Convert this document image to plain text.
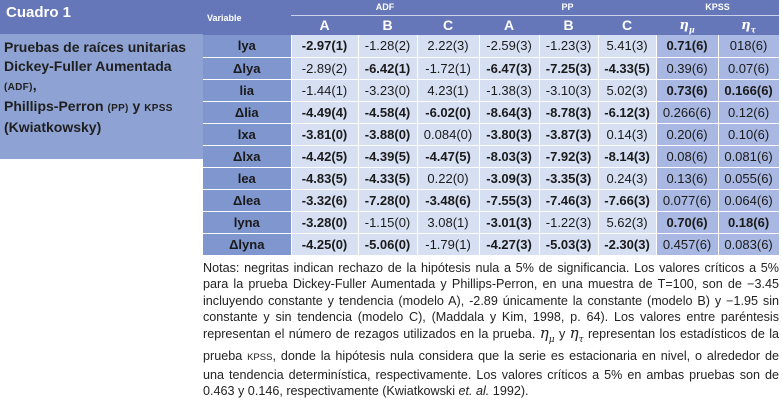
Cuadro 1
Pruebas de raíces unitarias
Dickey-Fuller Aumentada
(ADF),
Phillips-Perron (PP) y KPSS
(Kwiatkowsky)
Variable	ADF			PP			KPSS	
	A	B	C	A	B	C	$\eta_\mu$	$\eta_\tau$
lya	-2.97(1)	-1.28(2)	2.22(3)	-2.59(3)	-1.23(3)	5.41(3)	0.71(6)	018(6)
Δlya	-2.89(2)	-6.42(1)	-1.72(1)	-6.47(3)	-7.25(3)	-4.33(5)	0.39(6)	0.07(6)
lia	-1.44(1)	-3.23(0)	4.23(1)	-1.38(3)	-3.10(3)	5.02(3)	0.73(6)	0.166(6)
Δlia	-4.49(4)	-4.58(4)	-6.02(0)	-8.64(3)	-8.78(3)	-6.12(3)	0.266(6)	0.12(6)
lxa	-3.81(0)	-3.88(0)	0.084(0)	-3.80(3)	-3.87(3)	0.14(3)	0.20(6)	0.10(6)
Δlxa	-4.42(5)	-4.39(5)	-4.47(5)	-8.03(3)	-7.92(3)	-8.14(3)	0.08(6)	0.081(6)
lea	-4.83(5)	-4.33(5)	0.22(0)	-3.09(3)	-3.35(3)	0.24(3)	0.13(6)	0.055(6)
Δlea	-3.32(6)	-7.28(0)	-3.48(6)	-7.55(3)	-7.46(3)	-7.66(3)	0.077(6)	0.064(6)
lyna	-3.28(0)	-1.15(0)	3.08(1)	-3.01(3)	-1.22(3)	5.62(3)	0.70(6)	0.18(6)
Δlyna	-4.25(0)	-5.06(0)	-1.79(1)	-4.27(3)	-5.03(3)	-2.30(3)	0.457(6)	0.083(6)
Notas: negritas indican rechazo de la hipótesis nula a 5% de significancia. Los valores críticos a 5% para la prueba Dickey-Fuller Aumentada y Phillips-Perron, en una muestra de T=100, son de −3.45 incluyendo constante y tendencia (modelo A), -2.89 únicamente la constante (modelo B) y −1.95 sin constante y sin tendencia (modelo C), (Maddala y Kim, 1998, p. 64). Los valores entre paréntesis representan el número de rezagos utilizados en la prueba. $\eta_\mu$ y $\eta_\tau$ representan los estadísticos de la prueba KPSS, donde la hipótesis nula considera que la serie es estacionaria en nivel, o alrededor de una tendencia determinística, respectivamente. Los valores críticos a 5% en ambas pruebas son de 0.463 y 0.146, respectivamente (Kwiatkowski et. al. 1992).
